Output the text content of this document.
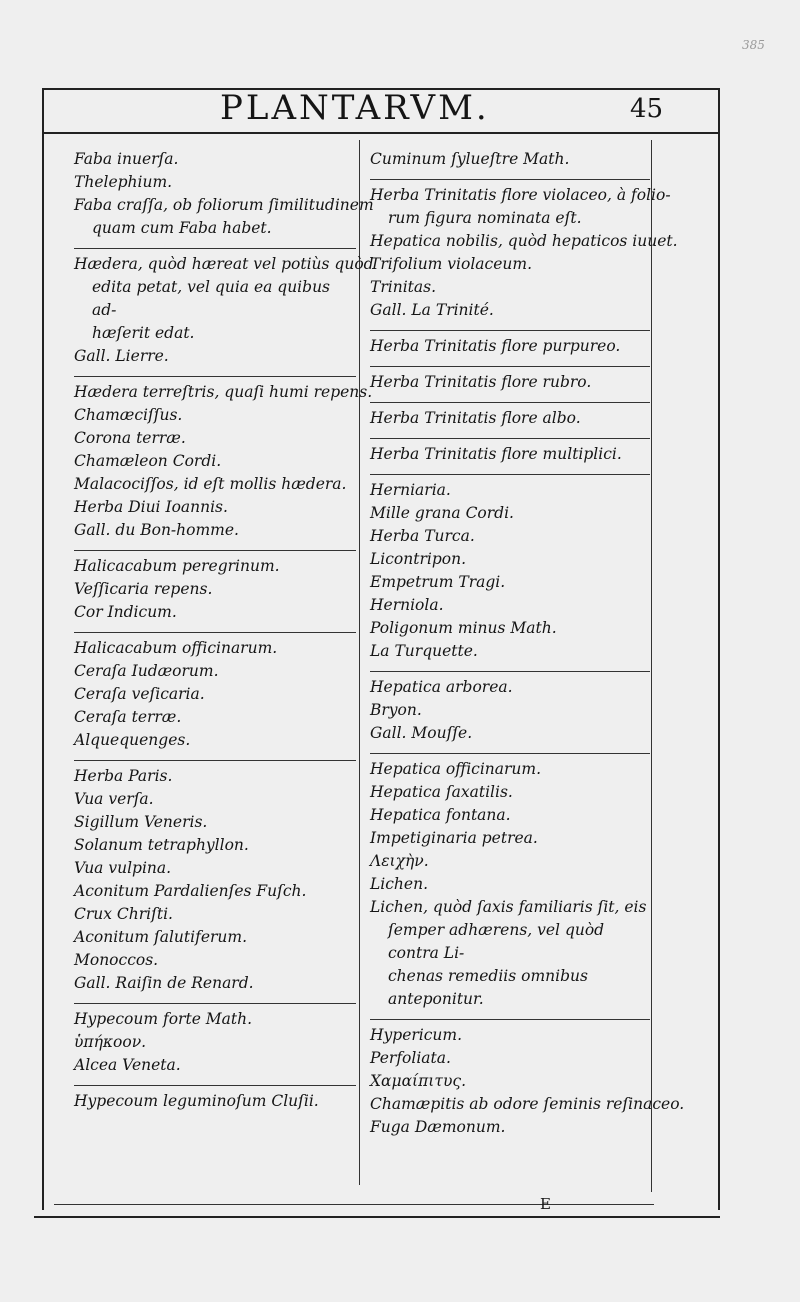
385
PLANTARVM.	45
Faba inuerſa.
Thelephium.
Faba craſſa, ob foliorum ſimilitudinem
quam cum Faba habet.
Hædera, quòd hæreat vel potiùs quòd
edita petat, vel quia ea quibus ad-
hæſerit edat.
Gall. Lierre.
Hædera terreſtris, quaſi humi repens.
Chamæciſſus.
Corona terræ.
Chamæleon Cordi.
Malacociſſos, id eſt mollis hædera.
Herba Diui Ioannis.
Gall. du Bon-homme.
Halicacabum peregrinum.
Veſſicaria repens.
Cor Indicum.
Halicacabum officinarum.
Ceraſa Iudæorum.
Ceraſa veſicaria.
Ceraſa terræ.
Alquequenges.
Herba Paris.
Vua verſa.
Sigillum Veneris.
Solanum tetraphyllon.
Vua vulpina.
Aconitum Pardalienſes Fuſch.
Crux Chriſti.
Aconitum ſalutiferum.
Monoccos.
Gall. Raiſin de Renard.
Hypecoum forte Math.
ὑπήκοον.
Alcea Veneta.
Hypecoum leguminoſum Cluſii.
Cuminum ſylueſtre Math.
Herba Trinitatis flore violaceo, à folio-
rum figura nominata eſt.
Hepatica nobilis, quòd hepaticos iuuet.
Trifolium violaceum.
Trinitas.
Gall. La Trinité.
Herba Trinitatis flore purpureo.
Herba Trinitatis flore rubro.
Herba Trinitatis flore albo.
Herba Trinitatis flore multiplici.
Herniaria.
Mille grana Cordi.
Herba Turca.
Licontripon.
Empetrum Tragi.
Herniola.
Poligonum minus Math.
La Turquette.
Hepatica arborea.
Bryon.
Gall. Mouſſe.
Hepatica officinarum.
Hepatica ſaxatilis.
Hepatica fontana.
Impetiginaria petrea.
Λειχὴν.
Lichen.
Lichen, quòd ſaxis familiaris ſit, eis
ſemper adhærens, vel quòd contra Li-
chenas remediis omnibus anteponitur.
Hypericum.
Perfoliata.
Χαμαίπιτυς.
Chamæpitis ab odore ſeminis reſinaceo.
Fuga Dæmonum.
E
